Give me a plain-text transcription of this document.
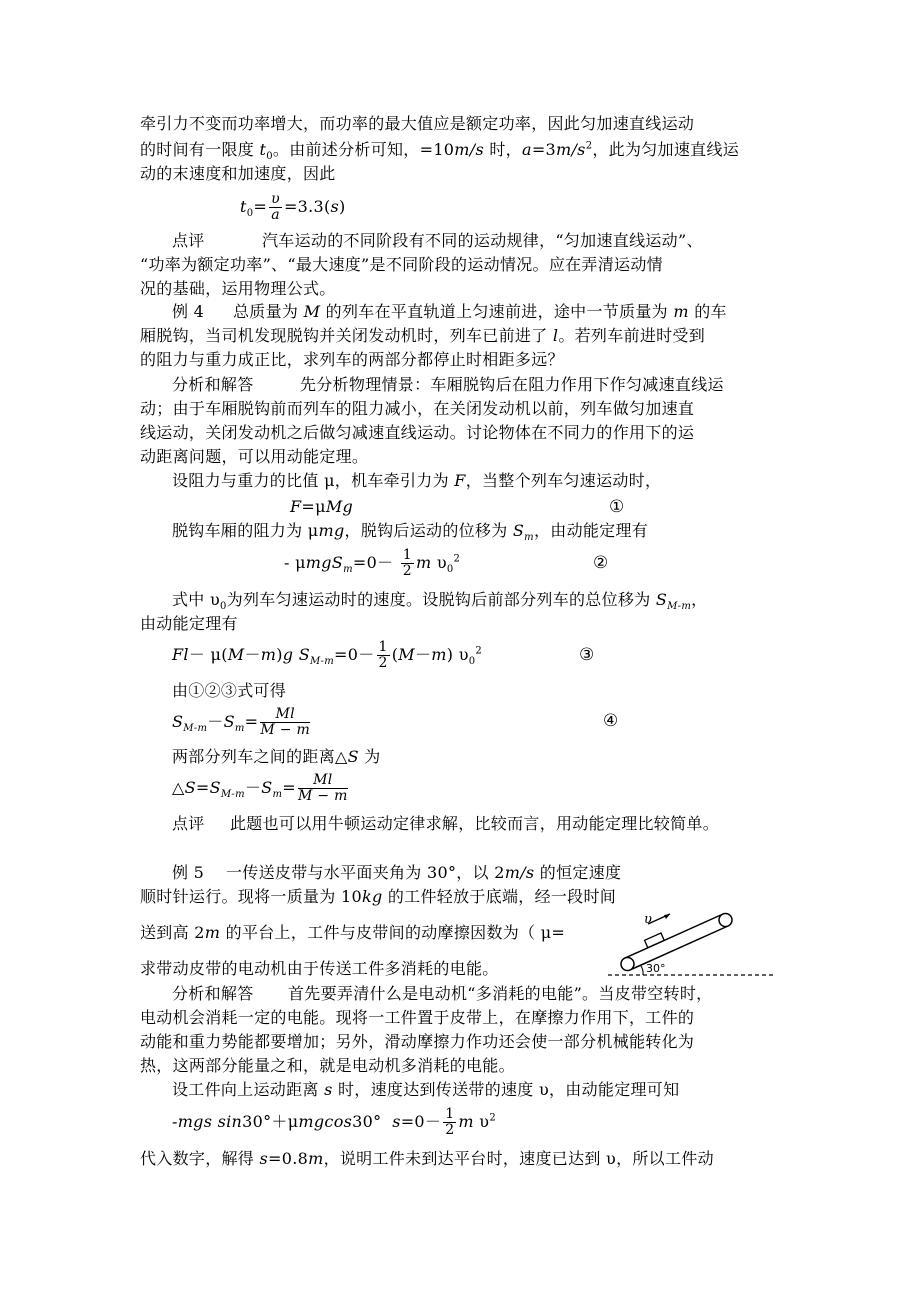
牵引力不变而功率增大，而功率的最大值应是额定功率，因此匀加速直线运动
的时间有一限度 $t_0$。由前述分析可知，=10m/s 时，$a=3m/s^2$，此为匀加速直线运
动的末速度和加速度，因此
$t_0= \frac{\upsilon}{a} =3.3(s)$
点评	汽车运动的不同阶段有不同的运动规律，“匀加速直线运动”、
“功率为额定功率”、“最大速度”是不同阶段的运动情况。应在弄清运动情
况的基础，运用物理公式。
例 4 总质量为 M 的列车在平直轨道上匀速前进，途中一节质量为 m 的车
厢脱钩，当司机发现脱钩并关闭发动机时，列车已前进了 l。若列车前进时受到
的阻力与重力成正比，求列车的两部分都停止时相距多远？
分析和解答	先分析物理情景：车厢脱钩后在阻力作用下作匀减速直线运
动；由于车厢脱钩前而列车的阻力减小，在关闭发动机以前，列车做匀加速直
线运动，关闭发动机之后做匀减速直线运动。讨论物体在不同力的作用下的运
动距离问题，可以用动能定理。
设阻力与重力的比值 μ，机车牵引力为 F，当整个列车匀速运动时，
F=μMg	①
脱钩车厢的阻力为 μmg，脱钩后运动的位移为 $S_m$，由动能定理有
- $\mu mgS_m=0- \frac{1}{2}$ m $\upsilon_0^2$	②
式中 $\upsilon_0$为列车匀速运动时的速度。设脱钩后前部分列车的总位移为 $S_{M-m}$，
由动能定理有
Fl－ μ(M－m)g $S_{M-m}=0- \frac{1}{2} (M-m)$ $\upsilon_0^2$	③
由①②③式可得
$S_{M-m}-S_m= \frac{Ml}{M - m}$	④
两部分列车之间的距离△S 为
$\triangle S=S_{M-m}-S_m= \frac{Ml}{M - m}$
点评 此题也可以用牛顿运动定律求解，比较而言，用动能定理比较简单。
例 5 一传送皮带与水平面夹角为 30°，以 2m/s 的恒定速度
顺时针运行。现将一质量为 10kg 的工件轻放于底端，经一段时间
送到高 2m 的平台上，工件与皮带间的动摩擦因数为（ μ=
求带动皮带的电动机由于传送工件多消耗的电能。
υ
30°
分析和解答 首先要弄清什么是电动机“多消耗的电能”。当皮带空转时，
电动机会消耗一定的电能。现将一工件置于皮带上，在摩擦力作用下，工件的
动能和重力势能都要增加；另外，滑动摩擦力作功还会使一部分机械能转化为
热，这两部分能量之和，就是电动机多消耗的电能。
设工件向上运动距离 s 时，速度达到传送带的速度 υ，由动能定理可知
-mgs sin30°＋μmgcos30° $s=0- \frac{1}{2}$ m $\upsilon^2$
代入数字，解得 s=0.8m，说明工件未到达平台时，速度已达到 υ，所以工件动
